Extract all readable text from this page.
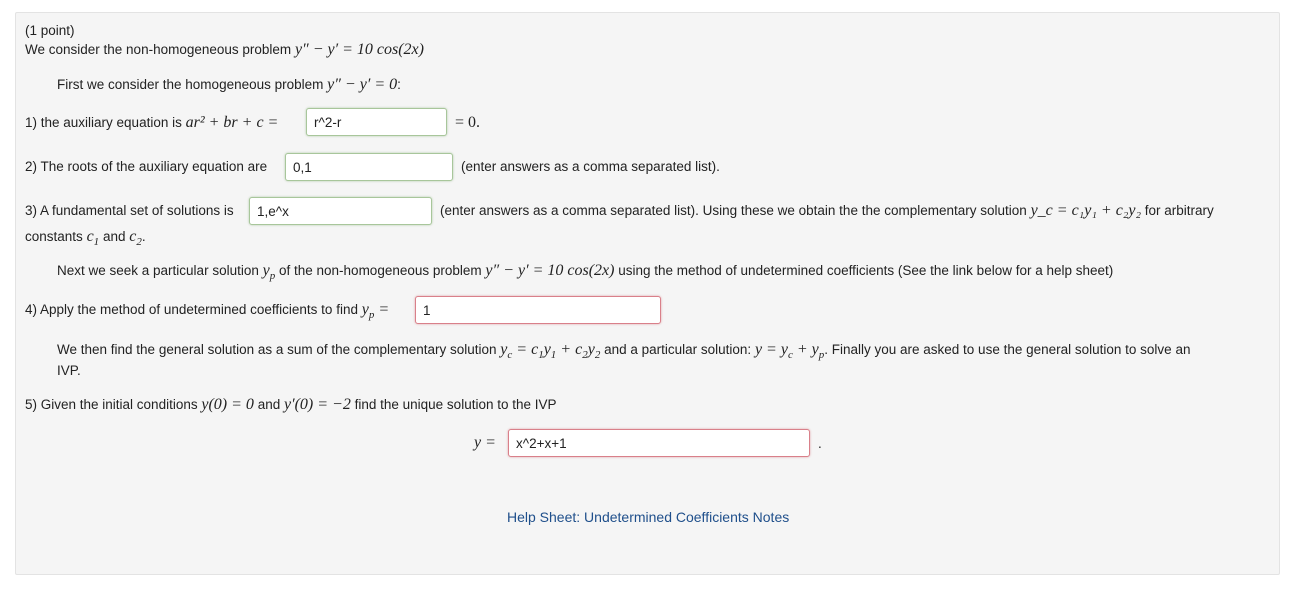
(1 point)
We consider the non-homogeneous problem y″ − y′ = 10 cos(2x)
First we consider the homogeneous problem y″ − y′ = 0:
1) the auxiliary equation is ar² + br + c =
r^2-r	= 0.
2) The roots of the auxiliary equation are
0,1	(enter answers as a comma separated list).
3) A fundamental set of solutions is
1,e^x	(enter answers as a comma separated list). Using these we obtain the the complementary solution y_c = c₁y₁ + c₂y₂ for arbitrary
constants $c_1$ and $c_2$.
Next we seek a particular solution $y_p$ of the non-homogeneous problem y″ − y′ = 10 cos(2x) using the method of undetermined coefficients (See the link below for a help sheet)
4) Apply the method of undetermined coefficients to find $y_p$ =
1
We then find the general solution as a sum of the complementary solution $y_c = c_1y_1 + c_2y_2$ and a particular solution: $y = y_c + y_p$. Finally you are asked to use the general solution to solve an
IVP.
5) Given the initial conditions y(0) = 0 and y′(0) = −2 find the unique solution to the IVP
y =
x^2+x+1	.
Help Sheet: Undetermined Coefficients Notes
